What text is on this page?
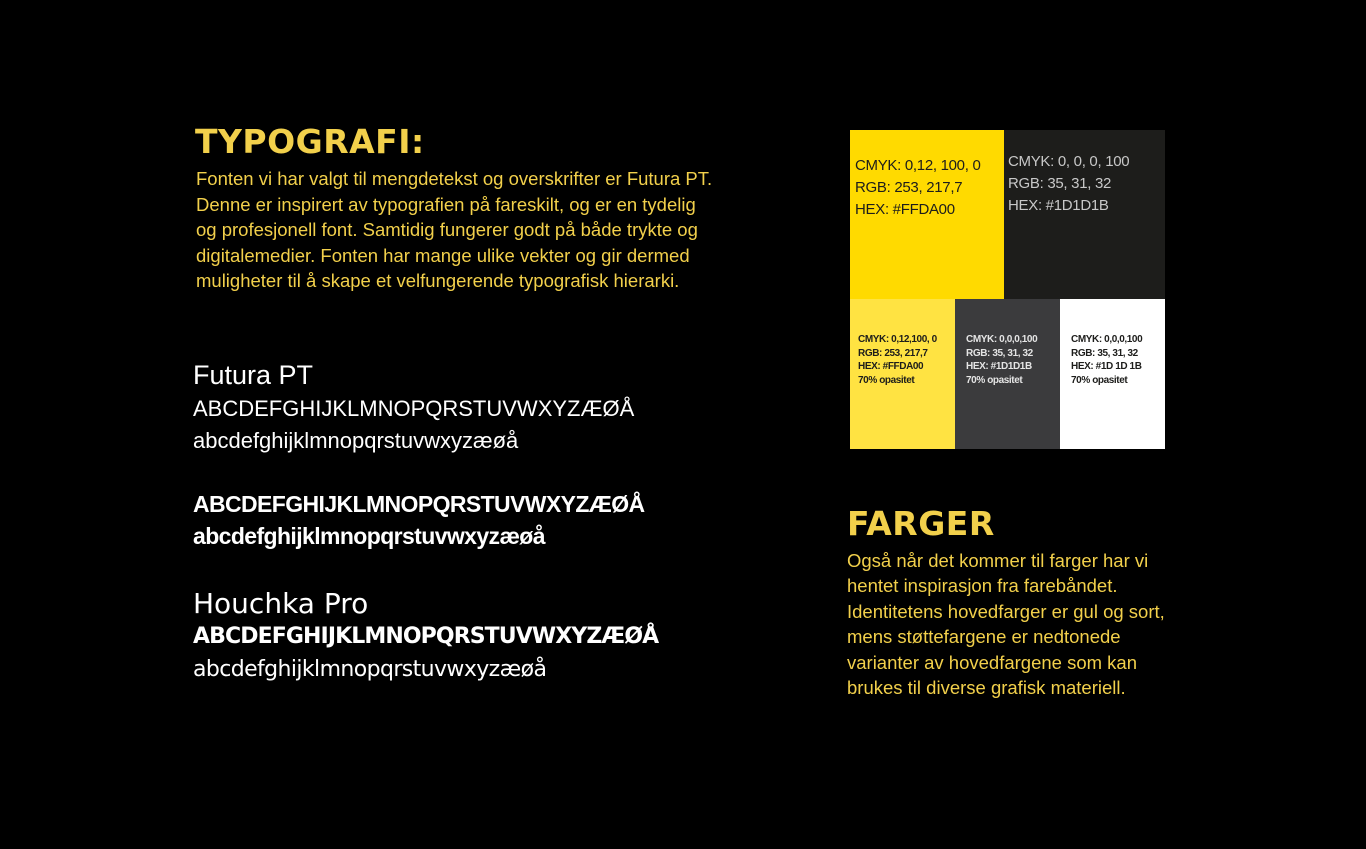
TYPOGRAFI:
Fonten vi har valgt til mengdetekst og overskrifter er Futura PT.
Denne er inspirert av typografien på fareskilt, og er en tydelig
og profesjonell font. Samtidig fungerer godt på både trykte og
digitalemedier. Fonten har mange ulike vekter og gir dermed
muligheter til å skape et velfungerende typografisk hierarki.
Futura PT
ABCDEFGHIJKLMNOPQRSTUVWXYZÆØÅ
abcdefghijklmnopqrstuvwxyzæøå
ABCDEFGHIJKLMNOPQRSTUVWXYZÆØÅ
abcdefghijklmnopqrstuvwxyzæøå
Houchka Pro
ABCDEFGHIJKLMNOPQRSTUVWXYZÆØÅ
abcdefghijklmnopqrstuvwxyzæøå
CMYK: 0,12, 100, 0
RGB: 253, 217,7
HEX: #FFDA00
CMYK: 0, 0, 0, 100
RGB: 35, 31, 32
HEX: #1D1D1B
CMYK: 0,12,100, 0
RGB: 253, 217,7
HEX: #FFDA00
70% opasitet
CMYK: 0,0,0,100
RGB: 35, 31, 32
HEX: #1D1D1B
70% opasitet
CMYK: 0,0,0,100
RGB: 35, 31, 32
HEX: #1D 1D 1B
70% opasitet
FARGER
Også når det kommer til farger har vi
hentet inspirasjon fra farebåndet.
Identitetens hovedfarger er gul og sort,
mens støttefargene er nedtonede
varianter av hovedfargene som kan
brukes til diverse grafisk materiell.
